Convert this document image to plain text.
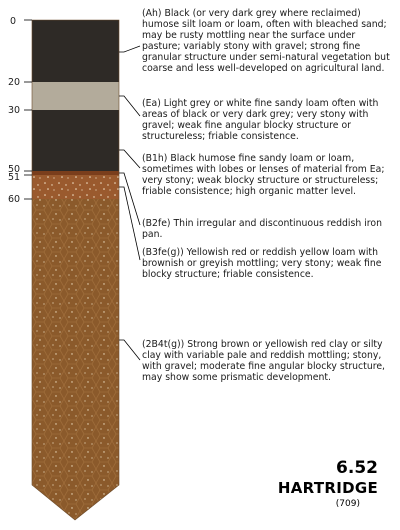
0
20
30
50
51
60

(Ah) Black (or very dark grey where reclaimed) humose silt loam or loam, often with bleached sand; may be rusty mottling near the surface under pasture; variably stony with gravel; strong fine granular structure under semi-natural vegetation but coarse and less well-developed on agricultural land.

(Ea) Light grey or white fine sandy loam often with areas of black or very dark grey; very stony with gravel; weak fine angular blocky structure or structureless; friable consistence.

(B1h) Black humose fine sandy loam or loam, sometimes with lobes or lenses of material from Ea; very stony; weak blocky structure or structureless; friable consistence; high organic matter level.

(B2fe) Thin irregular and discontinuous reddish iron pan.

(B3fe(g)) Yellowish red or reddish yellow loam with brownish or greyish mottling; very stony; weak fine blocky structure; friable consistence.

(2B4t(g)) Strong brown or yellowish red clay or silty clay with variable pale and reddish mottling; stony, with gravel; moderate fine angular blocky structure, may show some prismatic development.

6.52
HARTRIDGE
(709)
